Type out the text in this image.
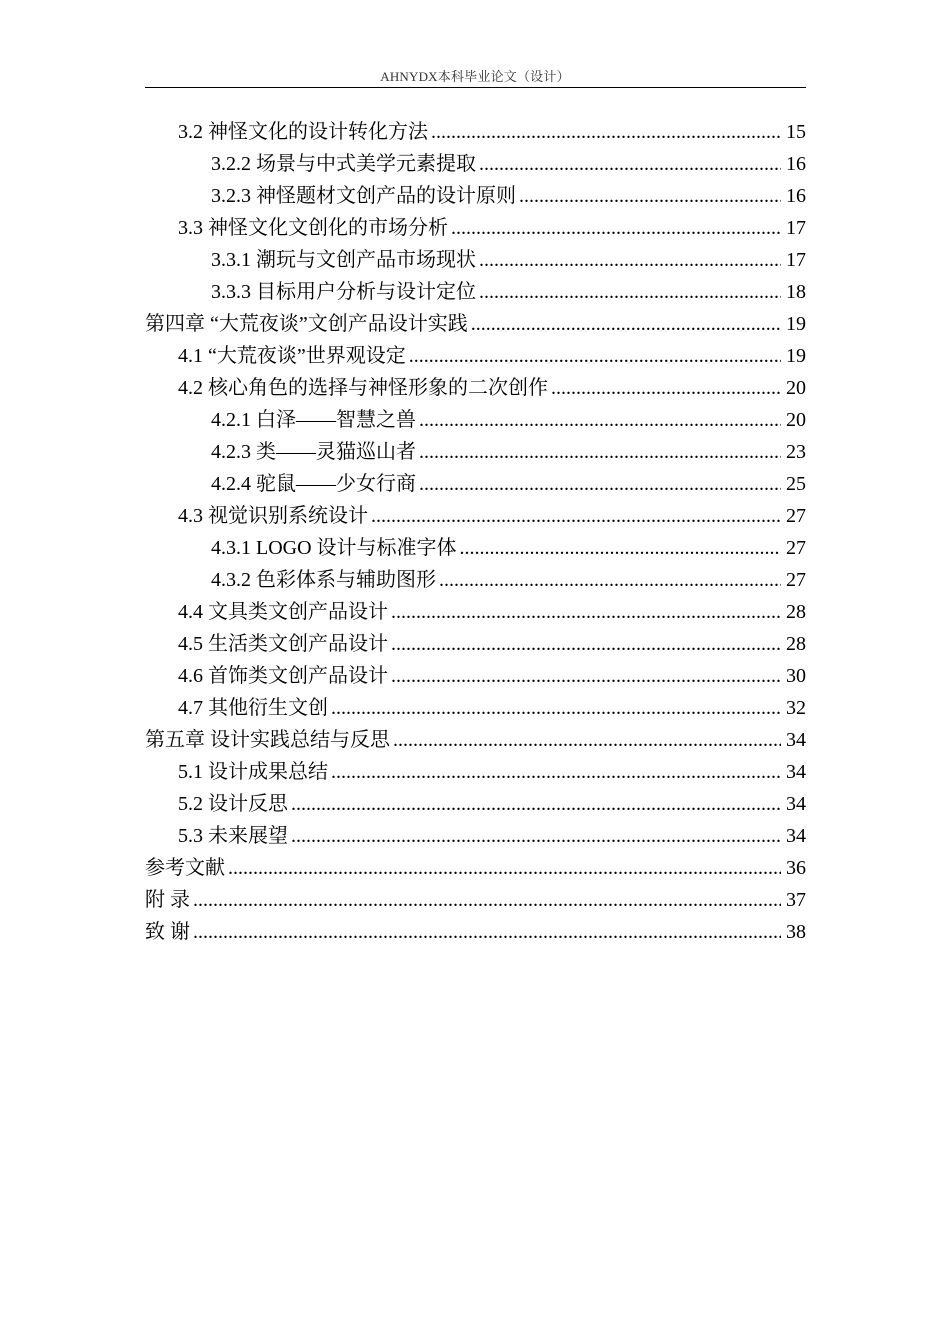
AHNYDX本科毕业论文（设计）
3.2 神怪文化的设计转化方法 .....	15
3.2.2 场景与中式美学元素提取 .....	16
3.2.3 神怪题材文创产品的设计原则 .....	16
3.3 神怪文化文创化的市场分析 .....	17
3.3.1 潮玩与文创产品市场现状 .....	17
3.3.3 目标用户分析与设计定位 .....	18
第四章 “大荒夜谈”文创产品设计实践 .....	19
4.1 “大荒夜谈”世界观设定 .....	19
4.2 核心角色的选择与神怪形象的二次创作 .....	20
4.2.1 白泽——智慧之兽 .....	20
4.2.3 类——灵猫巡山者 .....	23
4.2.4 驼鼠——少女行商 .....	25
4.3 视觉识别系统设计 .....	27
4.3.1 LOGO 设计与标准字体 .....	27
4.3.2 色彩体系与辅助图形 .....	27
4.4 文具类文创产品设计 .....	28
4.5 生活类文创产品设计 .....	28
4.6 首饰类文创产品设计 .....	30
4.7 其他衍生文创 .....	32
第五章 设计实践总结与反思 .....	34
5.1 设计成果总结 .....	34
5.2 设计反思 .....	34
5.3 未来展望 .....	34
参考文献 .....	36
附 录 .....	37
致 谢 .....	38
